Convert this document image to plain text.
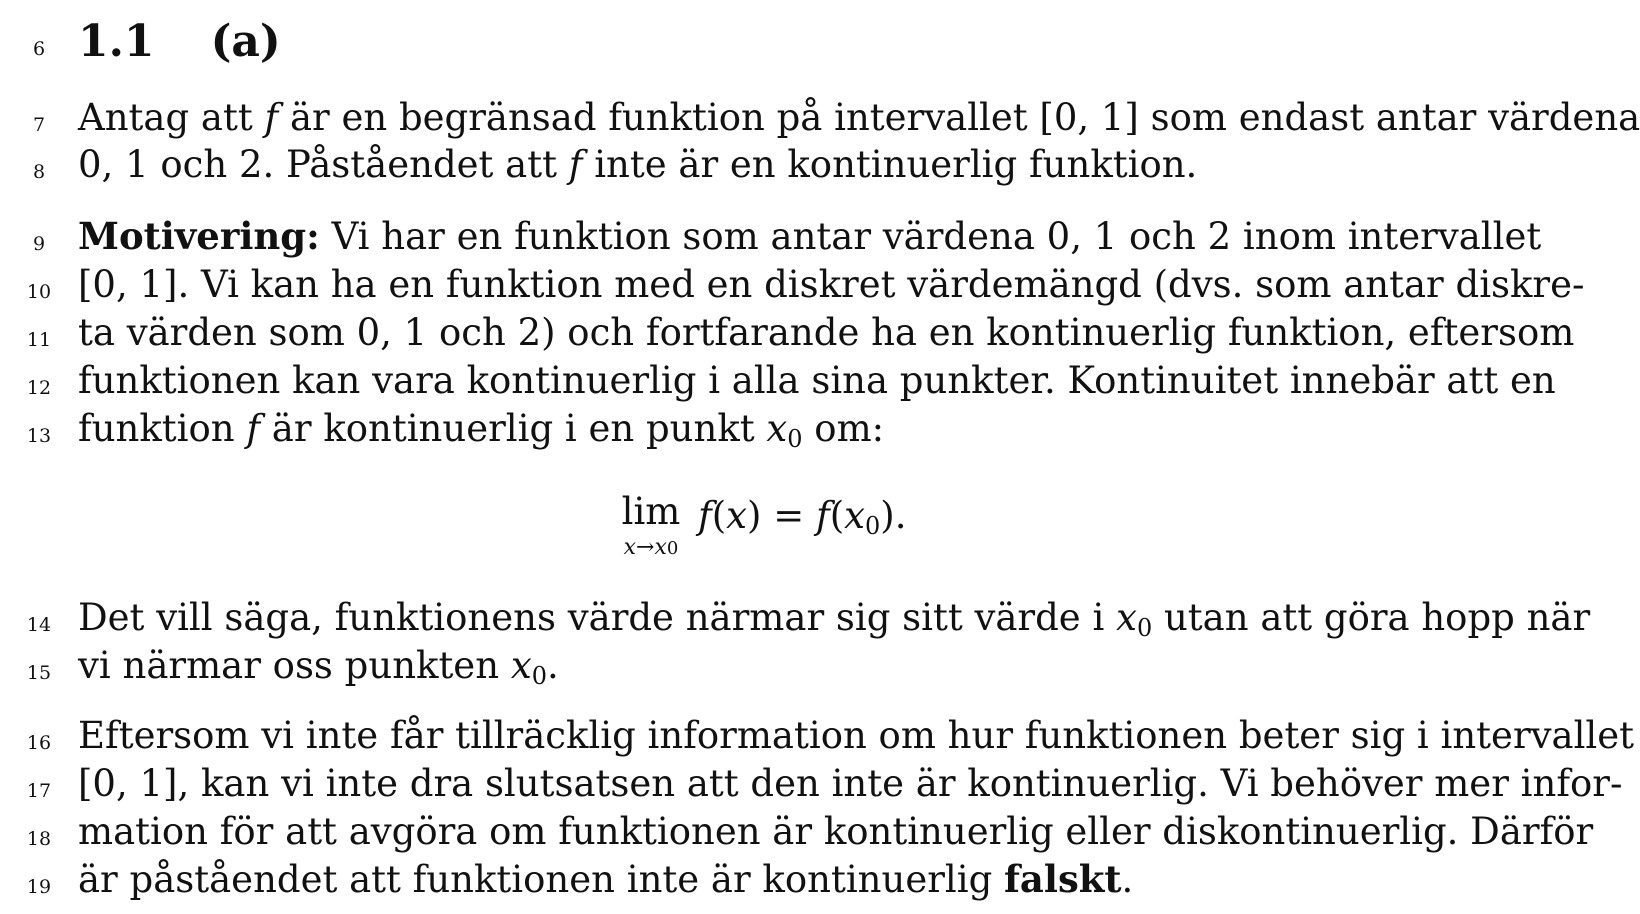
6 1.1 (a)
7 Antag att f är en begränsad funktion på intervallet [0, 1] som endast antar värdena
8 0, 1 och 2. Påståendet att f inte är en kontinuerlig funktion.
9 Motivering: Vi har en funktion som antar värdena 0, 1 och 2 inom intervallet
10 [0, 1]. Vi kan ha en funktion med en diskret värdemängd (dvs. som antar diskre-
11 ta värden som 0, 1 och 2) och fortfarande ha en kontinuerlig funktion, eftersom
12 funktionen kan vara kontinuerlig i alla sina punkter. Kontinuitet innebär att en
13 funktion f är kontinuerlig i en punkt $x_0$ om:
lim
x→x0
$f(x) = f(x_0)$.
14 Det vill säga, funktionens värde närmar sig sitt värde i $x_0$ utan att göra hopp när
15 vi närmar oss punkten $x_0$.
16 Eftersom vi inte får tillräcklig information om hur funktionen beter sig i intervallet
17 [0, 1], kan vi inte dra slutsatsen att den inte är kontinuerlig. Vi behöver mer infor-
18 mation för att avgöra om funktionen är kontinuerlig eller diskontinuerlig. Därför
19 är påståendet att funktionen inte är kontinuerlig falskt.
